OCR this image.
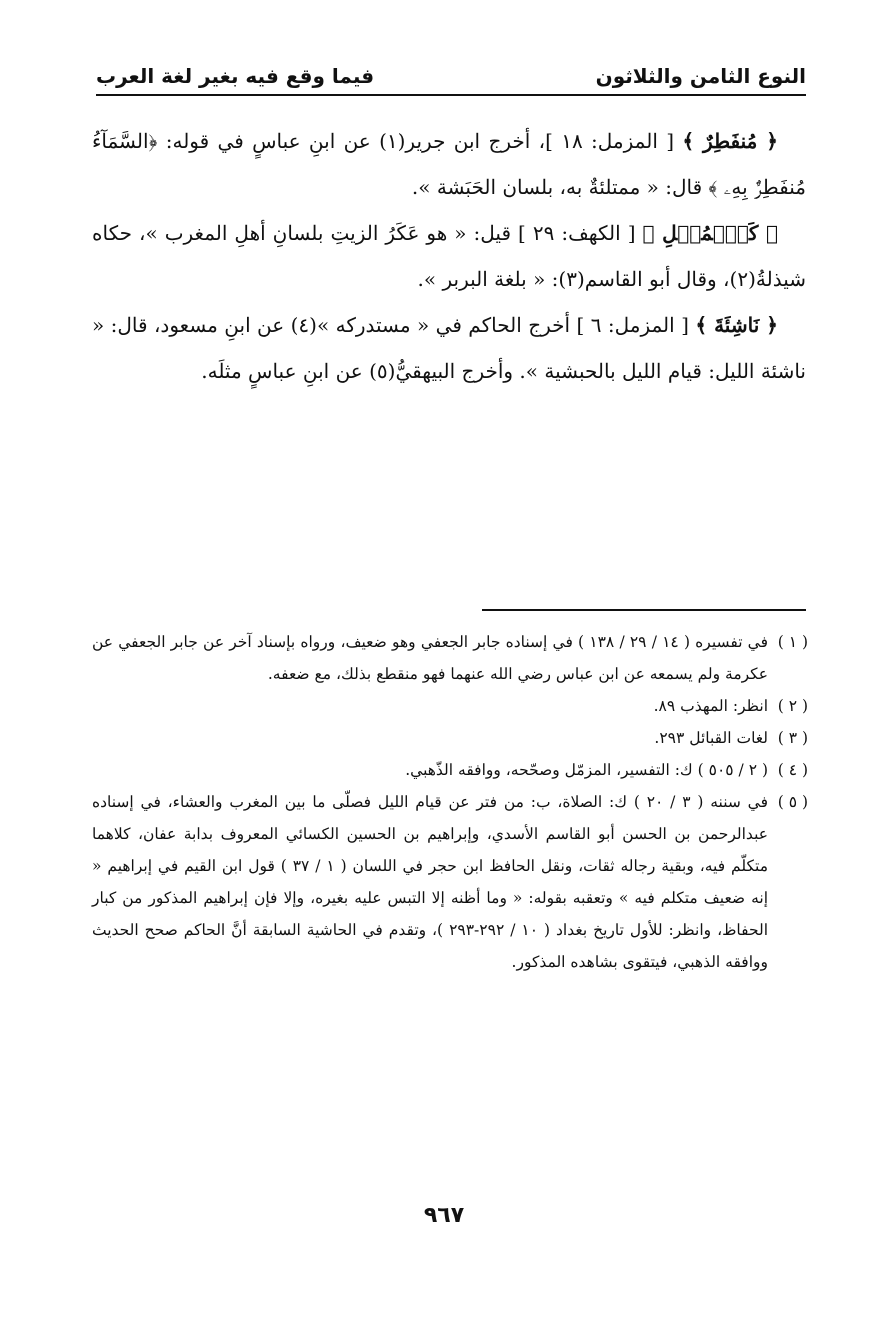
النوع الثامن والثلاثون
فيما وقع فيه بغير لغة العرب

﴿ مُنفَطِرٌ ﴾ [ المزمل: ١٨ ]، أخرج ابن جرير(١) عن ابنِ عباسٍ في قوله: ﴿السَّمَآءُ مُنفَطِرٌۢ بِهِۦ ﴾ قال: « ممتلئةٌ به، بلسان الحَبَشة ».

﴿ كَٱلۡمُهۡلِ ﴾ [ الكهف: ٢٩ ] قيل: « هو عَكَرُ الزيتِ بلسانِ أهلِ المغرب »، حكاه شيذلةُ(٢)، وقال أبو القاسم(٣): « بلغة البربر ».

﴿ نَاشِئَةَ ﴾ [ المزمل: ٦ ] أخرج الحاكم في « مستدركه »(٤) عن ابنِ مسعود، قال: « ناشئة الليل: قيام الليل بالحبشية ». وأخرج البيهقيُّ(٥) عن ابنِ عباسٍ مثلَه.

( ١ )في تفسيره ( ١٤ / ٢٩ / ١٣٨ ) في إسناده جابر الجعفي وهو ضعيف، ورواه بإسناد آخر عن جابر الجعفي عن عكرمة ولم يسمعه عن ابن عباس رضي الله عنهما فهو منقطع بذلك، مع ضعفه.

( ٢ )انظر: المهذب ٨٩.

( ٣ )لغات القبائل ٢٩٣.

( ٤ )( ٢ / ٥٠٥ ) ك: التفسير، المزمّل وصحّحه، ووافقه الذّهبي.

( ٥ )في سننه ( ٣ / ٢٠ ) ك: الصلاة، ب: من فتر عن قيام الليل فصلّى ما بين المغرب والعشاء، في إسناده عبدالرحمن بن الحسن أبو القاسم الأسدي، وإبراهيم بن الحسين الكسائي المعروف بدابة عفان، كلاهما متكلّم فيه، وبقية رجاله ثقات، ونقل الحافظ ابن حجر في اللسان ( ١ / ٣٧ ) قول ابن القيم في إبراهيم « إنه ضعيف متكلم فيه » وتعقبه بقوله: « وما أظنه إلا التبس عليه بغيره، وإلا فإن إبراهيم المذكور من كبار الحفاظ، وانظر: للأول تاريخ بغداد ( ١٠ / ٢٩٢-٢٩٣ )، وتقدم في الحاشية السابقة أنَّ الحاكم صحح الحديث ووافقه الذهبي، فيتقوى بشاهده المذكور.

٩٦٧
